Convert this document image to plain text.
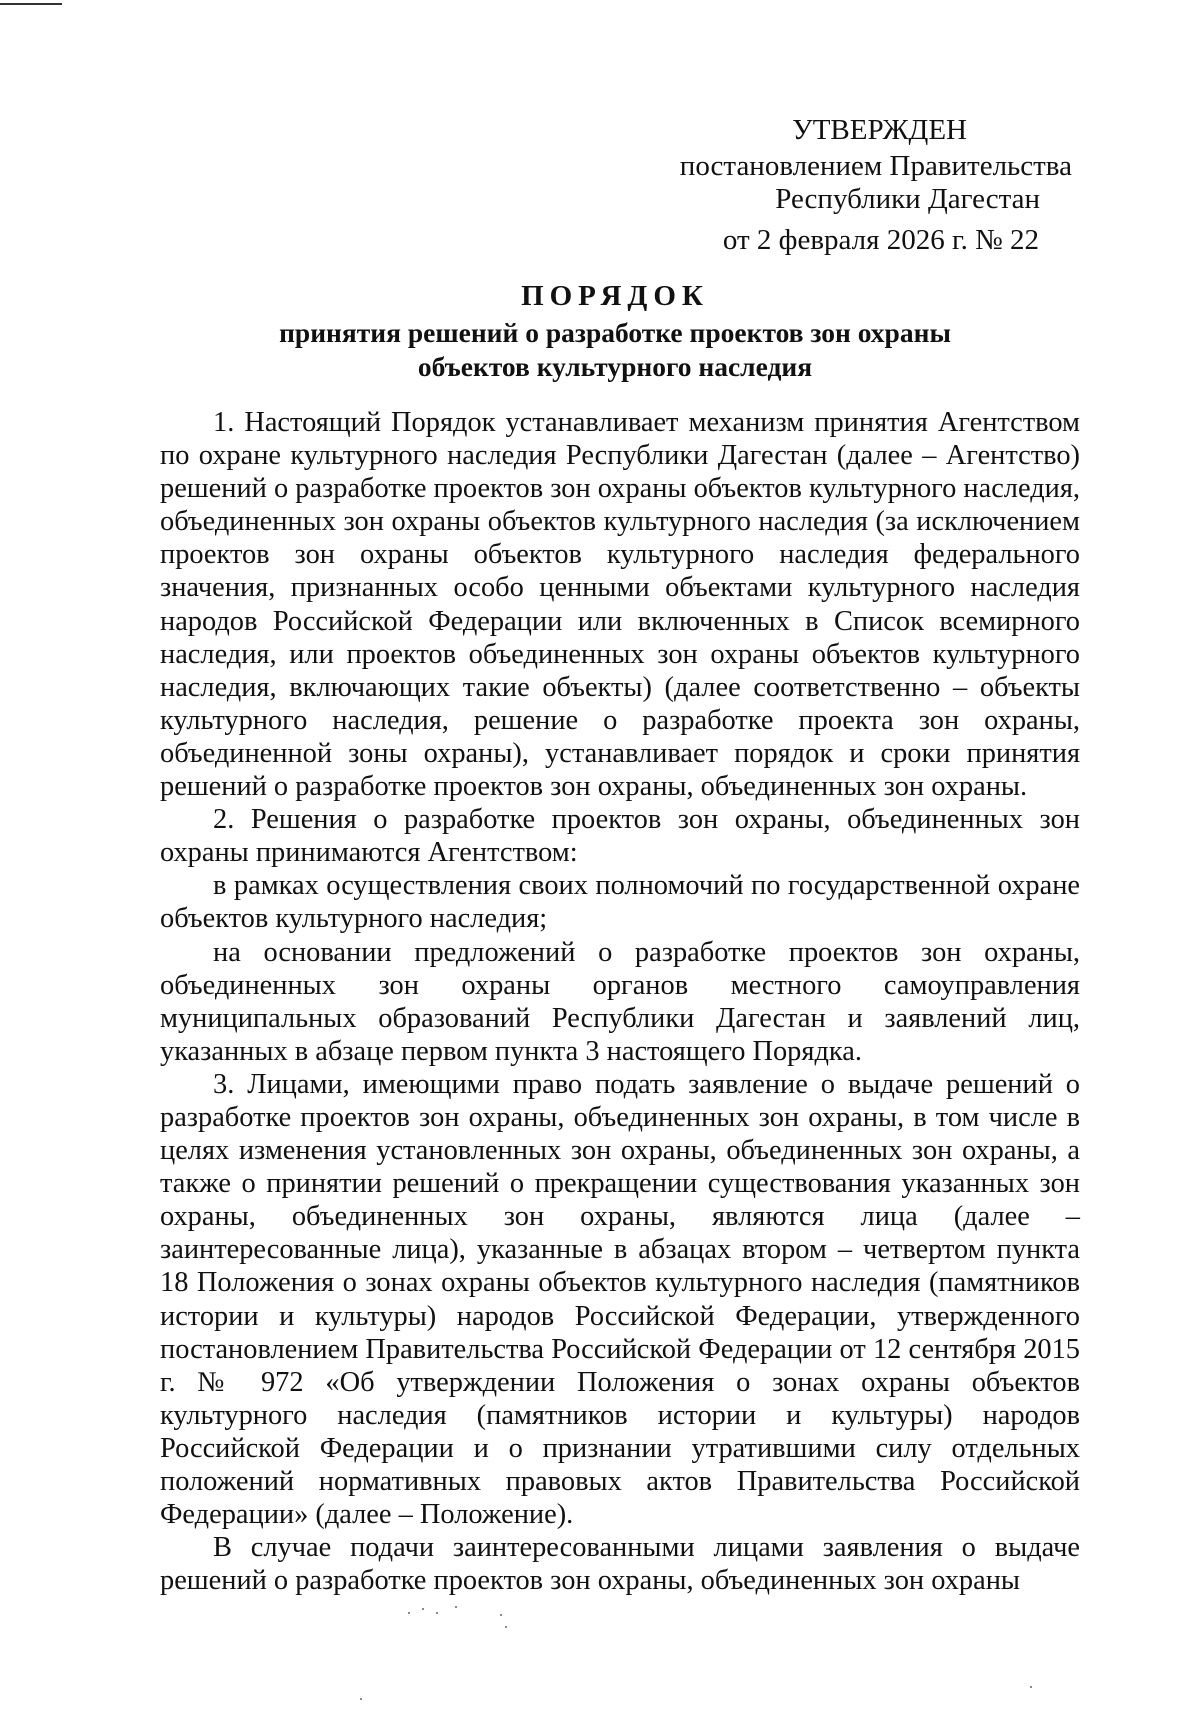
УТВЕРЖДЕН
постановлением Правительства
Республики Дагестан
от 2 февраля 2026 г. № 22
ПОРЯДОК
принятия решений о разработке проектов зон охраны
объектов культурного наследия

1. Настоящий Порядок устанавливает механизм принятия Агентством по охране культурного наследия Республики Дагестан (далее – Агентство) решений о разработке проектов зон охраны объектов культурного наследия, объединенных зон охраны объектов культурного наследия (за исключением проектов зон охраны объектов культурного наследия федерального значения, признанных особо ценными объектами культурного наследия народов Российской Федерации или включенных в Список всемирного наследия, или проектов объединенных зон охраны объектов культурного наследия, включающих такие объекты) (далее соответственно – объекты культурного наследия, решение о разработке проекта зон охраны, объединенной зоны охраны), устанавливает порядок и сроки принятия решений о разработке проектов зон охраны, объединенных зон охраны.

2. Решения о разработке проектов зон охраны, объединенных зон охраны принимаются Агентством:

в рамках осуществления своих полномочий по государственной охране объектов культурного наследия;

на основании предложений о разработке проектов зон охраны, объединенных зон охраны органов местного самоуправления муниципальных образований Республики Дагестан и заявлений лиц, указанных в абзаце первом пункта 3 настоящего Порядка.

3. Лицами, имеющими право подать заявление о выдаче решений о разработке проектов зон охраны, объединенных зон охраны, в том числе в целях изменения установленных зон охраны, объединенных зон охраны, а также о принятии решений о прекращении существования указанных зон охраны, объединенных зон охраны, являются лица (далее – заинтересованные лица), указанные в абзацах втором – четвертом пункта 18 Положения о зонах охраны объектов культурного наследия (памятников истории и культуры) народов Российской Федерации, утвержденного постановлением Правительства Российской Федерации от 12 сентября 2015 г. № 972 «Об утверждении Положения о зонах охраны объектов культурного наследия (памятников истории и культуры) народов Российской Федерации и о признании утратившими силу отдельных положений нормативных правовых актов Правительства Российской Федерации» (далее – Положение).

В случае подачи заинтересованными лицами заявления о выдаче решений о разработке проектов зон охраны, объединенных зон охраны
